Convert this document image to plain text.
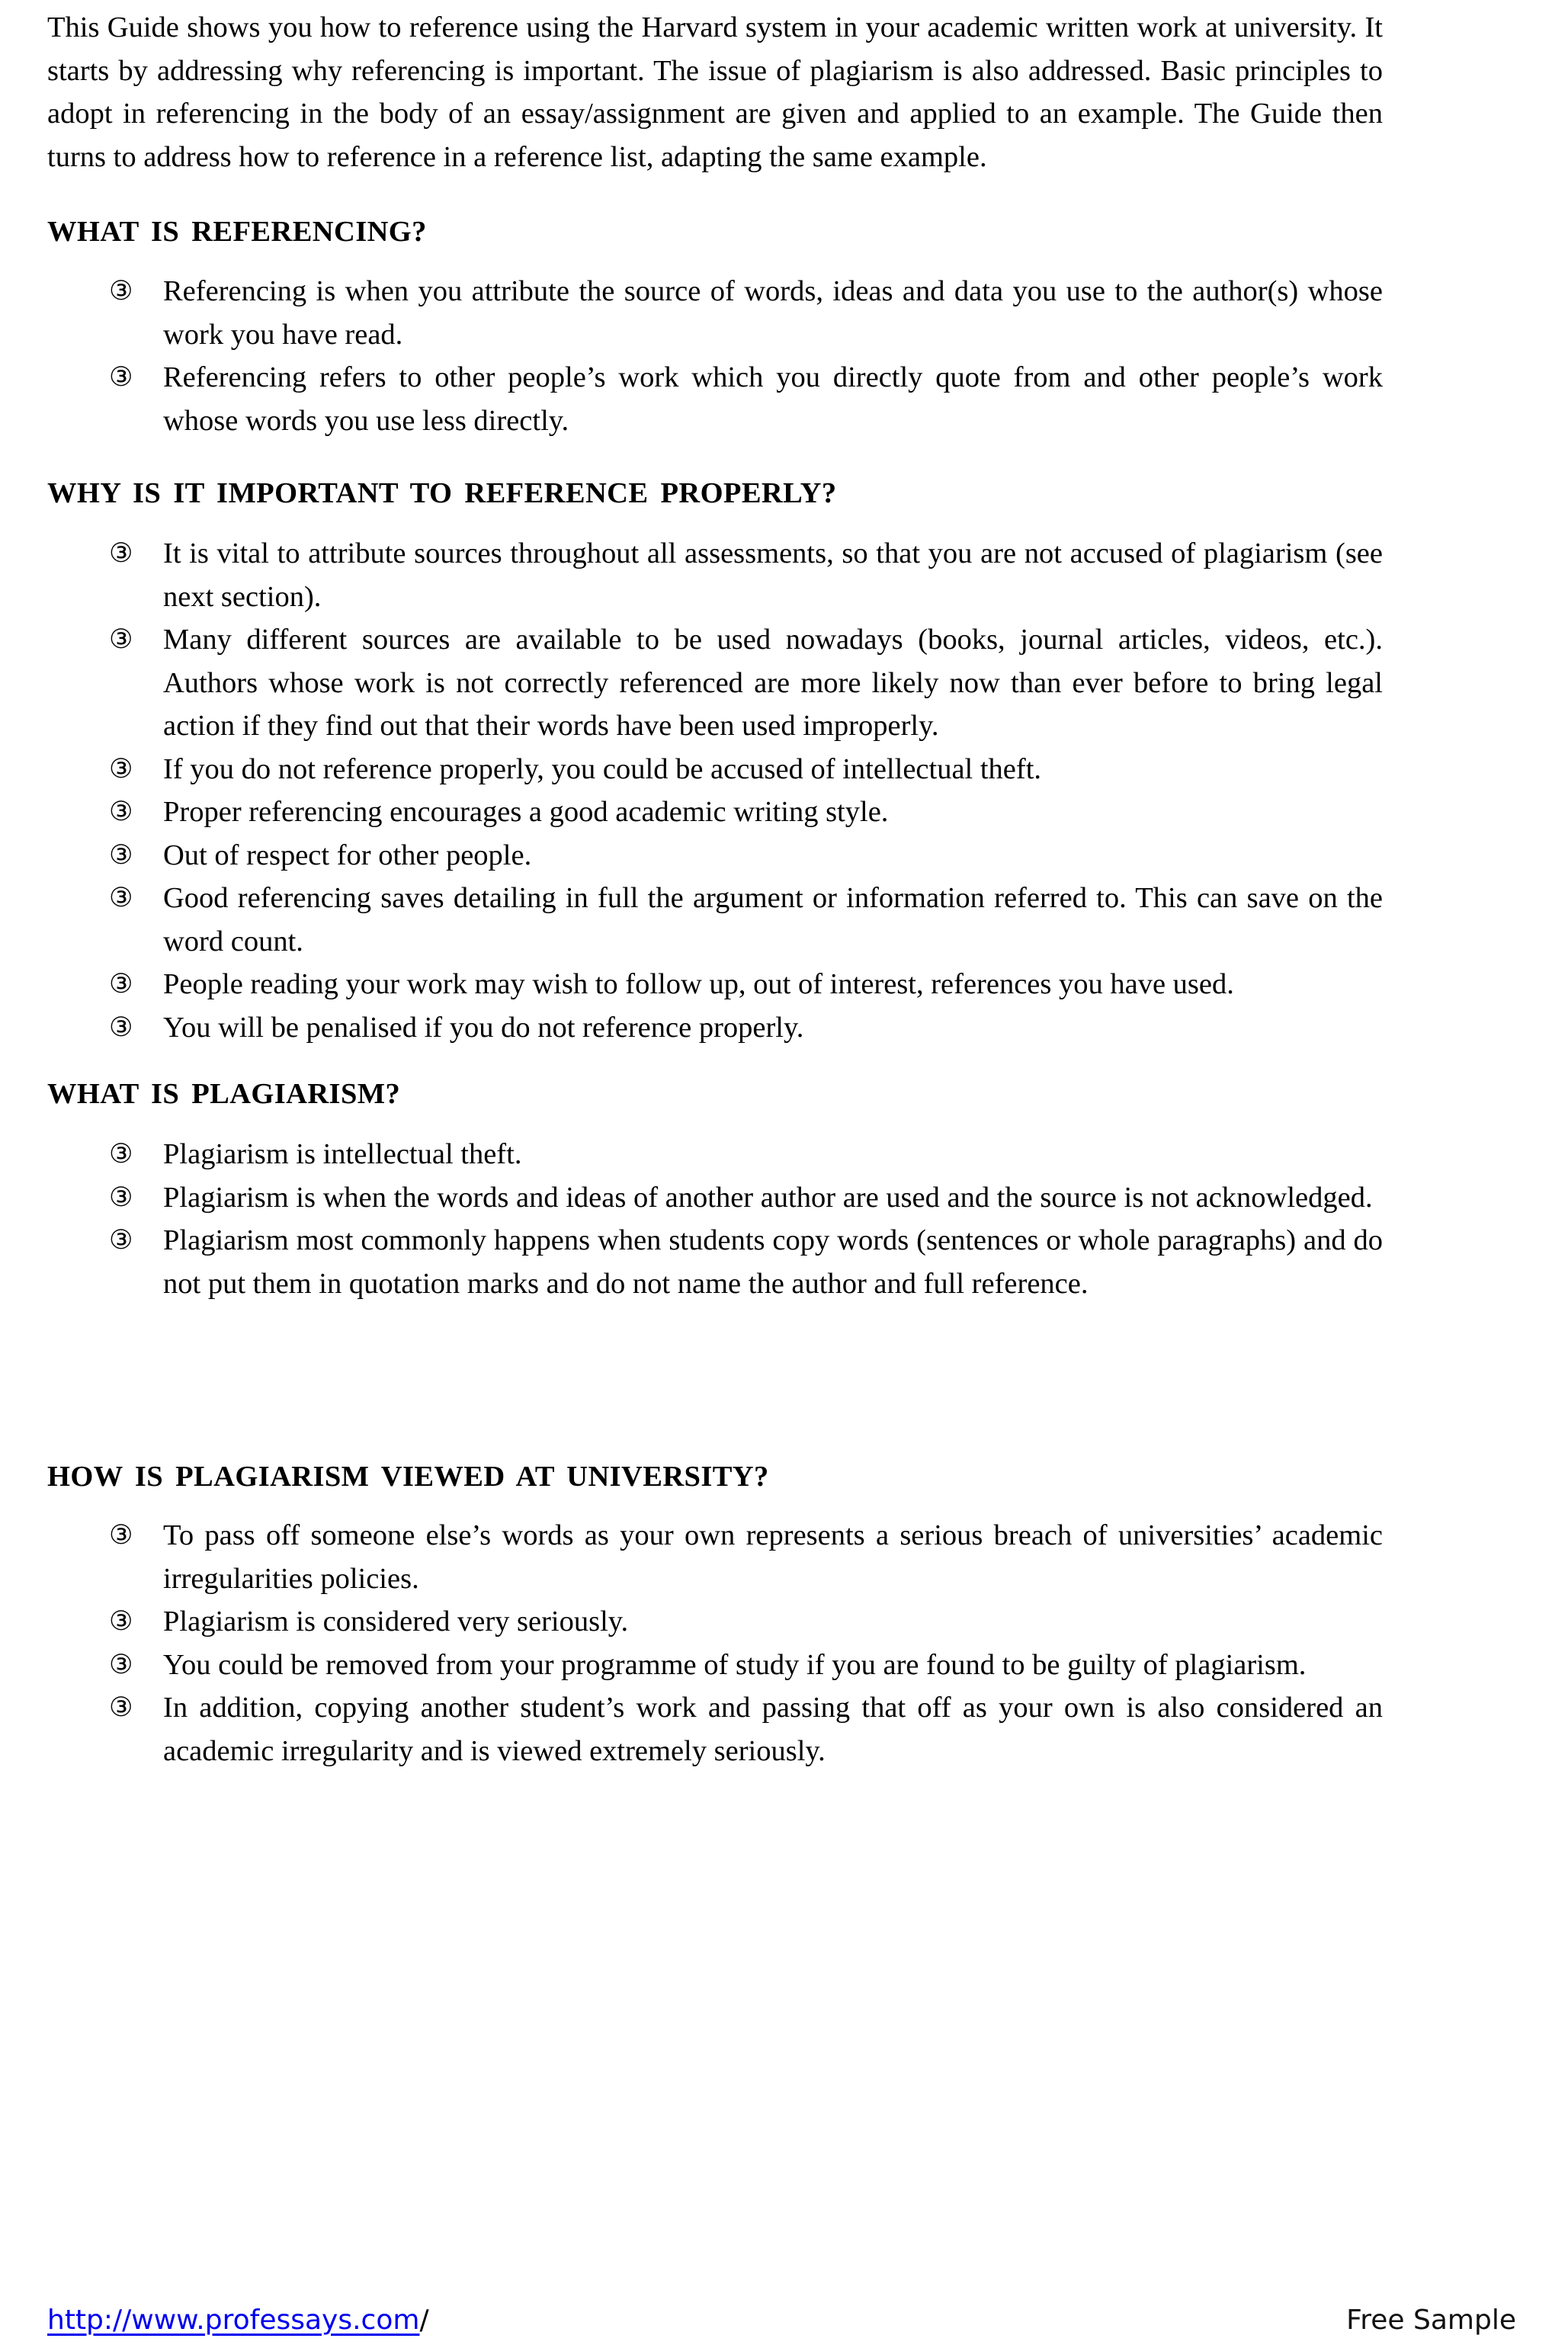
This Guide shows you how to reference using the Harvard system in your academic written work at university. It starts by addressing why referencing is important. The issue of plagiarism is also addressed. Basic principles to adopt in referencing in the body of an essay/assignment are given and applied to an example. The Guide then turns to address how to reference in a reference list, adapting the same example.

WHAT IS REFERENCING?
③ Referencing is when you attribute the source of words, ideas and data you use to the author(s) whose work you have read.
③ Referencing refers to other people’s work which you directly quote from and other people’s work whose words you use less directly.
WHY IS IT IMPORTANT TO REFERENCE PROPERLY?
③ It is vital to attribute sources throughout all assessments, so that you are not accused of plagiarism (see next section).
③ Many different sources are available to be used nowadays (books, journal articles, videos, etc.). Authors whose work is not correctly referenced are more likely now than ever before to bring legal action if they find out that their words have been used improperly.
③ If you do not reference properly, you could be accused of intellectual theft.
③ Proper referencing encourages a good academic writing style.
③ Out of respect for other people.
③ Good referencing saves detailing in full the argument or information referred to. This can save on the word count.
③ People reading your work may wish to follow up, out of interest, references you have used.
③ You will be penalised if you do not reference properly.
WHAT IS PLAGIARISM?
③ Plagiarism is intellectual theft.
③ Plagiarism is when the words and ideas of another author are used and the source is not acknowledged.
③ Plagiarism most commonly happens when students copy words (sentences or whole paragraphs) and do not put them in quotation marks and do not name the author and full reference.
HOW IS PLAGIARISM VIEWED AT UNIVERSITY?
③ To pass off someone else’s words as your own represents a serious breach of universities’ academic irregularities policies.
③ Plagiarism is considered very seriously.
③ You could be removed from your programme of study if you are found to be guilty of plagiarism.
③ In addition, copying another student’s work and passing that off as your own is also considered an academic irregularity and is viewed extremely seriously.
http://www.professays.com/	Free Sample
